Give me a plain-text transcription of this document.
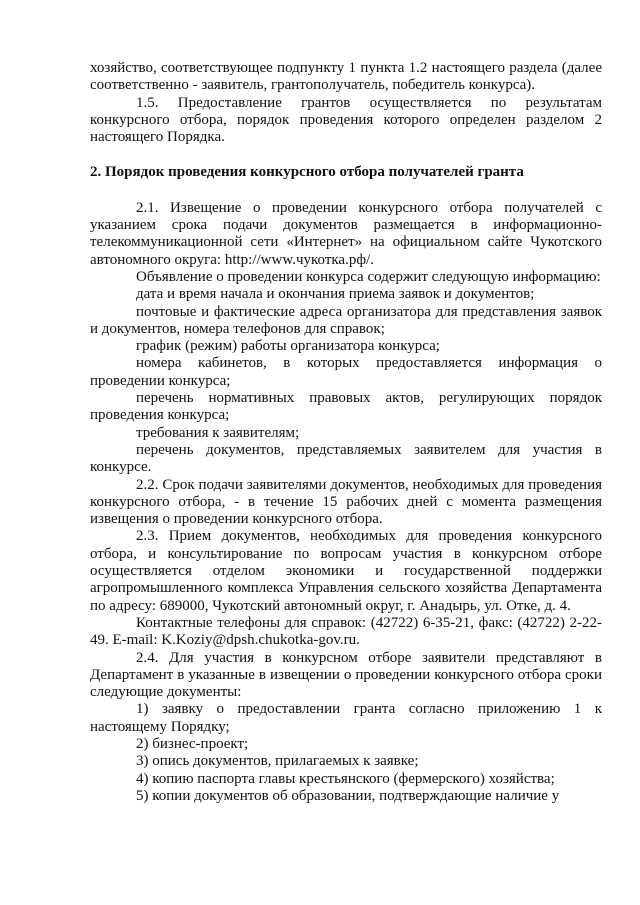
хозяйство, соответствующее подпункту 1 пункта 1.2 настоящего раздела (далее соответственно - заявитель, грантополучатель, победитель конкурса).

1.5. Предоставление грантов осуществляется по результатам конкурсного отбора, порядок проведения которого определен разделом 2 настоящего Порядка.

2. Порядок проведения конкурсного отбора получателей гранта

2.1. Извещение о проведении конкурсного отбора получателей с указанием срока подачи документов размещается в информационно-телекоммуникационной сети «Интернет» на официальном сайте Чукотского автономного округа: http://www.чукотка.рф/.

Объявление о проведении конкурса содержит следующую информацию:

дата и время начала и окончания приема заявок и документов;

почтовые и фактические адреса организатора для представления заявок и документов, номера телефонов для справок;

график (режим) работы организатора конкурса;

номера кабинетов, в которых предоставляется информация о проведении конкурса;

перечень нормативных правовых актов, регулирующих порядок проведения конкурса;

требования к заявителям;

перечень документов, представляемых заявителем для участия в конкурсе.

2.2. Срок подачи заявителями документов, необходимых для проведения конкурсного отбора, - в течение 15 рабочих дней с момента размещения извещения о проведении конкурсного отбора.

2.3. Прием документов, необходимых для проведения конкурсного отбора, и консультирование по вопросам участия в конкурсном отборе осуществляется отделом экономики и государственной поддержки агропромышленного комплекса Управления сельского хозяйства Департамента по адресу: 689000, Чукотский автономный округ, г. Анадырь, ул. Отке, д. 4.

Контактные телефоны для справок: (42722) 6-35-21, факс: (42722) 2-22-49. E-mail: K.Koziy@dpsh.chukotka-gov.ru.

2.4. Для участия в конкурсном отборе заявители представляют в Департамент в указанные в извещении о проведении конкурсного отбора сроки следующие документы:

1) заявку о предоставлении гранта согласно приложению 1 к настоящему Порядку;

2) бизнес-проект;

3) опись документов, прилагаемых к заявке;

4) копию паспорта главы крестьянского (фермерского) хозяйства;

5) копии документов об образовании, подтверждающие наличие у
